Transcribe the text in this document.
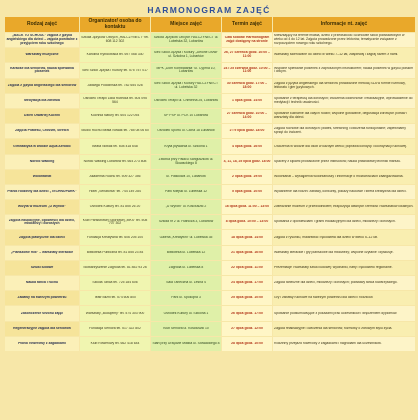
HARMONOGRAM ZAJĘĆ
Rodzaj zajęć	Organizator/ osoba do kontaktu	Miejsce zajęć	Termin zajęć	Informacje nt. zajęć

„BACK TO SCHOOL” zajęcia z języka angielskiego dla dzieci – zajęcia powitalne z przyjęciem roku szkolnego	Szkoła Języków Obcych „HALCZYNECT” tel. 608 112 302	Szkoła Języków Obcych HALCZYNECT ul. Lubelska 32, Lubartów	Cała sobota! Harmonogram zajęć dostępny na stronie	Mieszkający na terenie miasta, dzieci z przedszkola i uczniowie szkół podstawowych w wieku od 4 do 12 lat. Zajęcia prowadzone przez lektorów, tematycznie związane z rozpoczęciem nowego roku szkolnego.

Warsztaty muzyczne	Karolina Rybicowska tel. 697 068 330	Sieć Szkół Języka i Kultury „Zielone Drzwi” ul. Szkolna 1, Lubartów	26, 27 czerwca godz. 10:00 – 11:00	Warsztaty skierowane do dzieci w wieku 7–12 lat, zaśpiewaj i zagraj razem z nami.

Karaoke dla seniorów, nauka śpiewania piosenek	Sieć Szkół Języka i Kultury tel. 575 757 017	MPK „Dom Kombatanta” ul. Cyprna 10, Lubartów	24 i 25 czerwca godz. 10:00 – 11:00	Wspólne śpiewanie piosenek z zaproszonym instruktorem; nauka piosenek w języku polskim i obcym.

Zajęcia z języka angielskiego dla seniorów	Jadwiga Podolińska tel. 782 654 028	Sieć Szkół Języka i Kultury HALCZYNECT ul. Lubelska 32	30 czerwca godz. 17:00 – 18:00	Zajęcia z języka angielskiego dla seniorów prowadzone metodą SLA w formie rozmowy, lektoratu i gier językowych.

Medytacja dla zdrowia	Ośrodek Terapii Lidia Rutecka tel. 504 095 564	Ośrodek Terapii ul. Chmielna 25, Lubartów	1 lipca godz. 14:00	Spotkanie z terapeutą dla dorosłych; ćwiczenia oddechowe i relaksacyjne, wprowadzenie do medytacji i technik uważności.

Dzień Otwartej Kuchni	Kuchnia Natury tel. 604 122 054	SP PSP ul. PCK 10 Lubartów	27 czerwca godz. 10:00 – 14:00	Spotkanie kulinarne dla całych rodzin; wspólne gotowanie, degustacja zdrowych potraw i warsztaty dla dzieci.

Zajęcia Pilatesu, Crossfit, Stretch	Studio Ruchu Beata Nowak tel. 785 08 06 60	Ośrodek Sportu ul. Cicha 18 Lubartów	2 i 9 lipca godz. 18:00	Zajęcia ruchowe dla dorosłych: pilates, stretching i ćwiczenia funkcjonalne; zapewniamy sprzęt do ćwiczeń.

Gimnastyka w wodzie Aqua Aerobic	Beata Nowak tel. 608 418 648	Kryta pływalnia ul. Szkolna 1	4 lipca godz. 16:00	Ćwiczenia w wodzie dla osób w każdym wieku; poprawa kondycji i koordynacji ruchowej.

Nordic Walking	Nordic Walking Lubartów tel. 664 273 808	Zbiórka przy Pałacu Sanguszków ul. Słowackiego 8	4, 11, 18, 25 lipca godz. 18:00	Spacery z kijkami prowadzone przez instruktora; nauka prawidłowej techniki marszu.

Wolontariat	Akademia Ruchu tel. 509 327 356	ul. Piaskowa 10, Lubartów	2 lipca godz. 19:00	Wolontariat – wystąpienia wolontariuszy i informacje o możliwościach zaangażowania.

Piknik rodzinny dla dzieci „TECHNOPARK”	Hotel „Senatorka” tel. 744 149 284	Park Miejski ul. Lubelska 12	5 lipca godz. 10:00	Wydarzenie dla rodzin: zabawy, konkursy, pokazy naukowe i strefa kreatywna dla dzieci.

Wizyta w muzeum „U Wyrobi”	Ośrodek Kultury tel. 81 855 26 20	„U Wyrobi” ul. Kościuszki 2	16 lipca godz. 11:00 – 13:00	Zwiedzanie muzeum z przewodnikiem; ekspozycja dawnych rzemiosł i warsztatów lokalnych.

Zajęcia edukacyjne, opowieści dla dzieci, młodzieży i dorosłych	Klub Państwowej Sportowej „MKS” tel. 508 707 302	Szkoła nr 2 ul. Hutnicza 3, Lubartów	8 lipca godz. 10:00 – 13:00	Spotkania z opowieściami i grami edukacyjnymi dla dzieci, młodzieży i dorosłych.

Zajęcia plastyczne dla dzieci	Fundacja Kreatywna tel. 606 205 100	Galeria „Kreatywni” ul. Lubelska 35	18 lipca godz. 14:00	Zajęcia z rysunku, malarstwa i rękodzieła dla dzieci w wieku 5–12 lat.

„Planszowe mili” – warsztaty literackie	Biblioteka Publiczna tel. 81 855 23 84	Biblioteka ul. Lubelska 12	21 lipca godz. 16:00	Warsztaty literackie i gry planszowe dla młodzieży; wspólne czytanie i dyskusje.

Sztuki ludowe	Stowarzyszenie Zagroda tel. 81 852 93 26	Zagroda ul. Lubelska 8	22 lipca godz. 11:00	Prezentacje i warsztaty sztuki ludowej: wycinanki, hafty i rękodzieło regionalne.

Nauka tańca i ruchu	Szkoła Tańca tel. 725 184 606	Sala Taneczna ul. Leśna 4	24 lipca godz. 17:00	Zajęcia taneczne dla dzieci, młodzieży i dorosłych; podstawy tańca towarzyskiego.

Zabawy na świeżym powietrzu	Teatr Blizni tel. 574 606 800	Park ul. Spokojna 3	25 lipca godz. 10:00	Gry i zabawy ruchowe na świeżym powietrzu dla dzieci i rodziców.

Zakończenie sezonu zajęć	Warsztaty „Budujemy” tel. 574 303 900	Ośrodek Kultury ul. Szkolna 1	26 lipca godz. 17:00	Spotkanie podsumowujące z pokazami prac uczestników i wręczeniem dyplomów.

Regeneracyjne zajęcia dla seniorów	Fundacja Seniora tel. 517 322 802	Klub Seniora ul. Kościuszki 10	27 lipca godz. 12:00	Zajęcia relaksacyjne i ćwiczenia dla seniorów; rozmowy o zdrowym stylu życia.

Piknik rowerowy z zagadkami	Klub Rowerowy tel. 662 418 644	Start przy Urzędzie Miasta ul. Słowackiego 8	28 lipca godz. 10:00	Rodzinny przejazd rowerowy z zagadkami i nagrodami dla uczestników.
